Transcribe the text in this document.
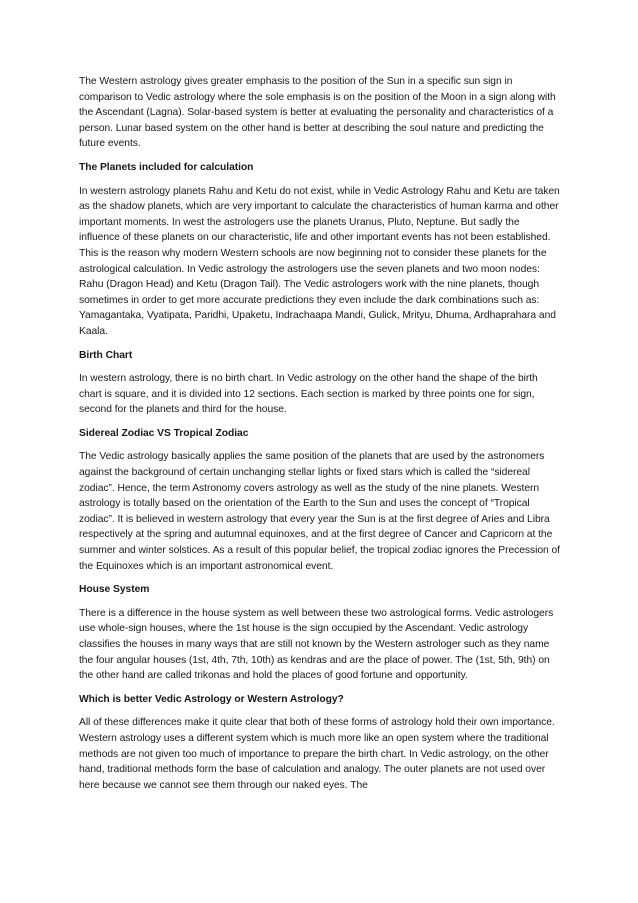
The Western astrology gives greater emphasis to the position of the Sun in a specific sun sign in comparison to Vedic astrology where the sole emphasis is on the position of the Moon in a sign along with the Ascendant (Lagna). Solar-based system is better at evaluating the personality and characteristics of a person. Lunar based system on the other hand is better at describing the soul nature and predicting the future events.

The Planets included for calculation

In western astrology planets Rahu and Ketu do not exist, while in Vedic Astrology Rahu and Ketu are taken as the shadow planets, which are very important to calculate the characteristics of human karma and other important moments. In west the astrologers use the planets Uranus, Pluto, Neptune. But sadly the influence of these planets on our characteristic, life and other important events has not been established. This is the reason why modern Western schools are now beginning not to consider these planets for the astrological calculation. In Vedic astrology the astrologers use the seven planets and two moon nodes: Rahu (Dragon Head) and Ketu (Dragon Tail). The Vedic astrologers work with the nine planets, though sometimes in order to get more accurate predictions they even include the dark combinations such as: Yamagantaka, Vyatipata, Paridhi, Upaketu, Indrachaapa Mandi, Gulick, Mrityu, Dhuma, Ardhaprahara and Kaala.

Birth Chart

In western astrology, there is no birth chart. In Vedic astrology on the other hand the shape of the birth chart is square, and it is divided into 12 sections. Each section is marked by three points one for sign, second for the planets and third for the house.

Sidereal Zodiac VS Tropical Zodiac

The Vedic astrology basically applies the same position of the planets that are used by the astronomers against the background of certain unchanging stellar lights or fixed stars which is called the “sidereal zodiac”. Hence, the term Astronomy covers astrology as well as the study of the nine planets. Western astrology is totally based on the orientation of the Earth to the Sun and uses the concept of “Tropical zodiac”. It is believed in western astrology that every year the Sun is at the first degree of Aries and Libra respectively at the spring and autumnal equinoxes, and at the first degree of Cancer and Capricorn at the summer and winter solstices. As a result of this popular belief, the tropical zodiac ignores the Precession of the Equinoxes which is an important astronomical event.

House System

There is a difference in the house system as well between these two astrological forms. Vedic astrologers use whole-sign houses, where the 1st house is the sign occupied by the Ascendant. Vedic astrology classifies the houses in many ways that are still not known by the Western astrologer such as they name the four angular houses (1st, 4th, 7th, 10th) as kendras and are the place of power. The (1st, 5th, 9th) on the other hand are called trikonas and hold the places of good fortune and opportunity.

Which is better Vedic Astrology or Western Astrology?

All of these differences make it quite clear that both of these forms of astrology hold their own importance. Western astrology uses a different system which is much more like an open system where the traditional methods are not given too much of importance to prepare the birth chart. In Vedic astrology, on the other hand, traditional methods form the base of calculation and analogy. The outer planets are not used over here because we cannot see them through our naked eyes. The
